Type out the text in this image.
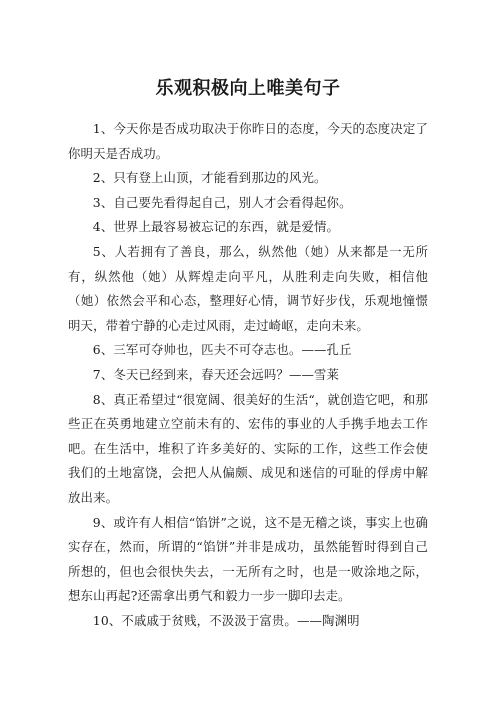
乐观积极向上唯美句子

1、今天你是否成功取决于你昨日的态度，今天的态度决定了你明天是否成功。

2、只有登上山顶，才能看到那边的风光。

3、自己要先看得起自己，别人才会看得起你。

4、世界上最容易被忘记的东西，就是爱情。

5、人若拥有了善良，那么，纵然他（她）从来都是一无所有，纵然他（她）从辉煌走向平凡，从胜利走向失败，相信他（她）依然会平和心态，整理好心情，调节好步伐，乐观地憧憬明天，带着宁静的心走过风雨，走过崎岖，走向未来。

6、三军可夺帅也，匹夫不可夺志也。——孔丘

7、冬天已经到来，春天还会远吗？——雪莱

8、真正希望过“很宽阔、很美好的生活“，就创造它吧，和那些正在英勇地建立空前未有的、宏伟的事业的人手携手地去工作吧。在生活中，堆积了许多美好的、实际的工作，这些工作会使我们的土地富饶，会把人从偏颇、成见和迷信的可耻的俘虏中解放出来。

9、或许有人相信“馅饼”之说，这不是无稽之谈，事实上也确实存在，然而，所谓的“馅饼”并非是成功，虽然能暂时得到自己所想的，但也会很快失去，一无所有之时，也是一败涂地之际，想东山再起?还需拿出勇气和毅力一步一脚印去走。

10、不戚戚于贫贱，不汲汲于富贵。——陶渊明
